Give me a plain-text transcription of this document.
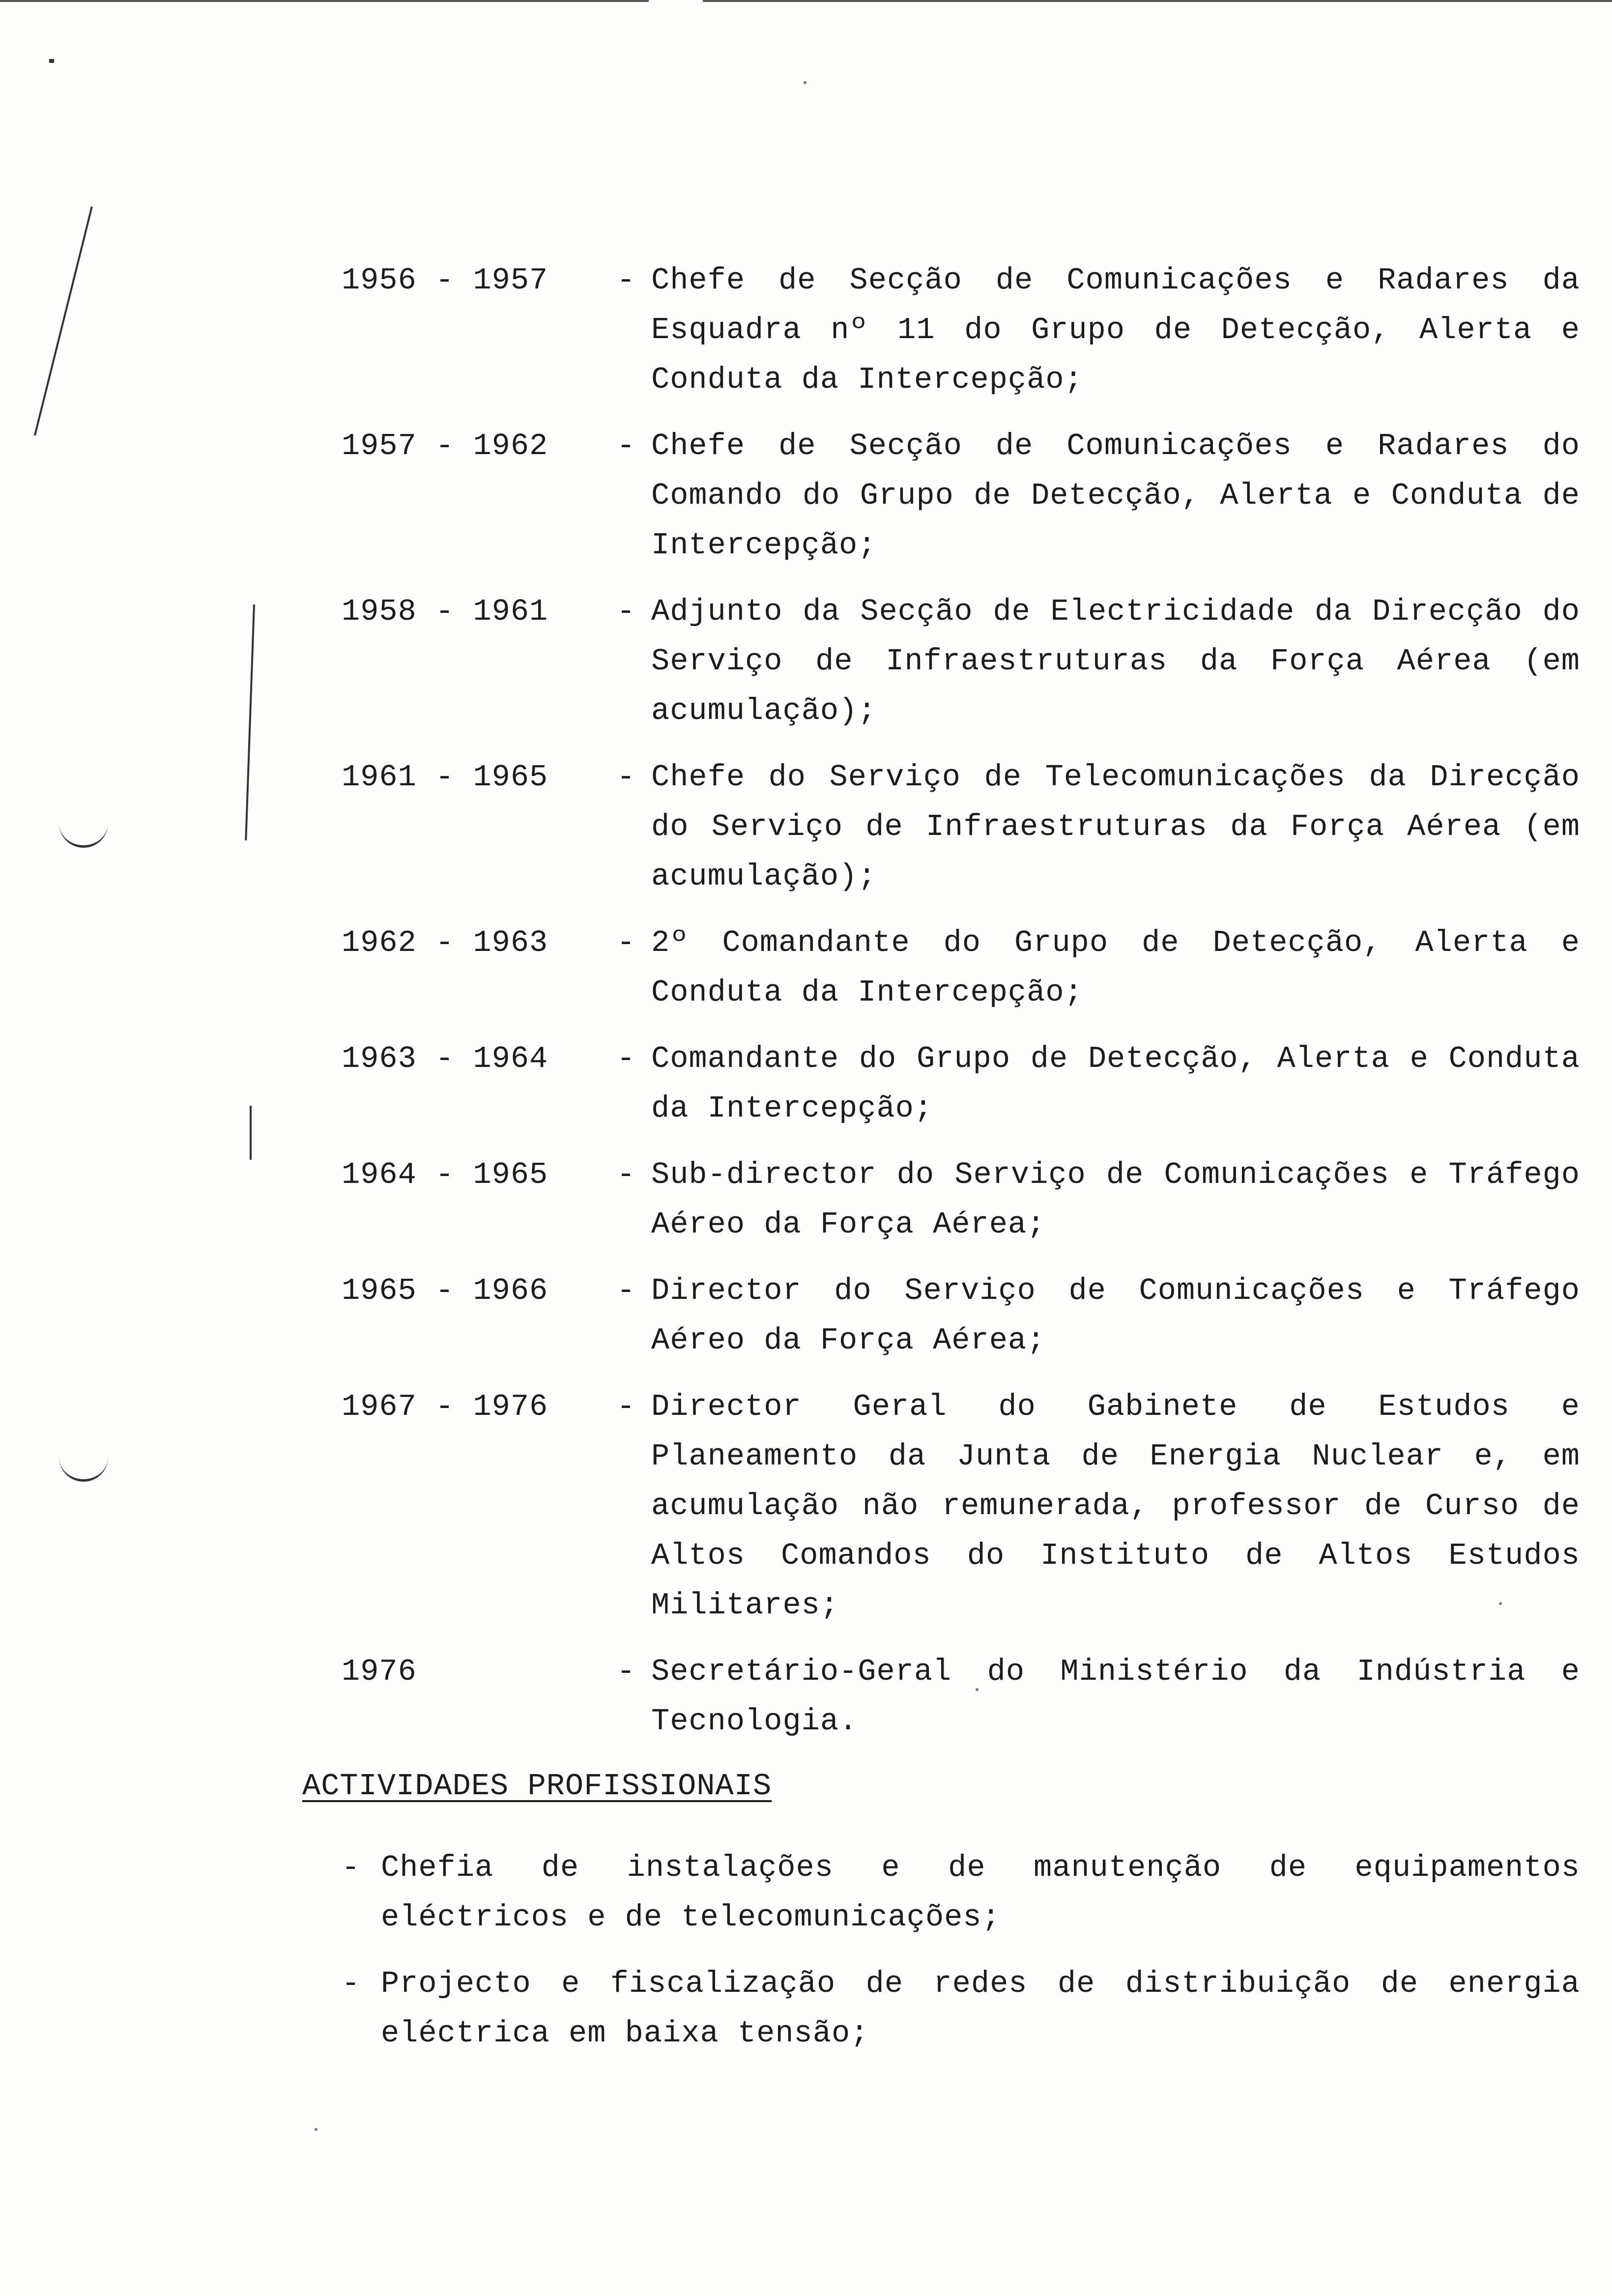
1956 - 1957	- Chefe de Secção de Comunicações e Radares da Esquadra nº 11 do Grupo de Detecção, Alerta e Conduta da Intercepção;
1957 - 1962	- Chefe de Secção de Comunicações e Radares do Comando do Grupo de Detecção, Alerta e Conduta de Intercepção;
1958 - 1961	- Adjunto da Secção de Electricidade da Direcção do Serviço de Infraestruturas da Força Aérea (em acumulação);
1961 - 1965	- Chefe do Serviço de Telecomunicações da Direcção do Serviço de Infraestruturas da Força Aérea (em acumulação);
1962 - 1963	- 2º Comandante do Grupo de Detecção, Alerta e Conduta da Intercepção;
1963 - 1964	- Comandante do Grupo de Detecção, Alerta e Conduta da Intercepção;
1964 - 1965	- Sub-director do Serviço de Comunicações e Tráfego Aéreo da Força Aérea;
1965 - 1966	- Director do Serviço de Comunicações e Tráfego Aéreo da Força Aérea;
1967 - 1976	- Director Geral do Gabinete de Estudos e Planeamento da Junta de Energia Nuclear e, em acumulação não remunerada, professor de Curso de Altos Comandos do Instituto de Altos Estudos Militares;
1976	- Secretário-Geral do Ministério da Indústria e Tecnologia.
ACTIVIDADES PROFISSIONAIS
- Chefia de instalações e de manutenção de equipamentos eléctricos e de telecomunicações;
- Projecto e fiscalização de redes de distribuição de energia eléctrica em baixa tensão;
